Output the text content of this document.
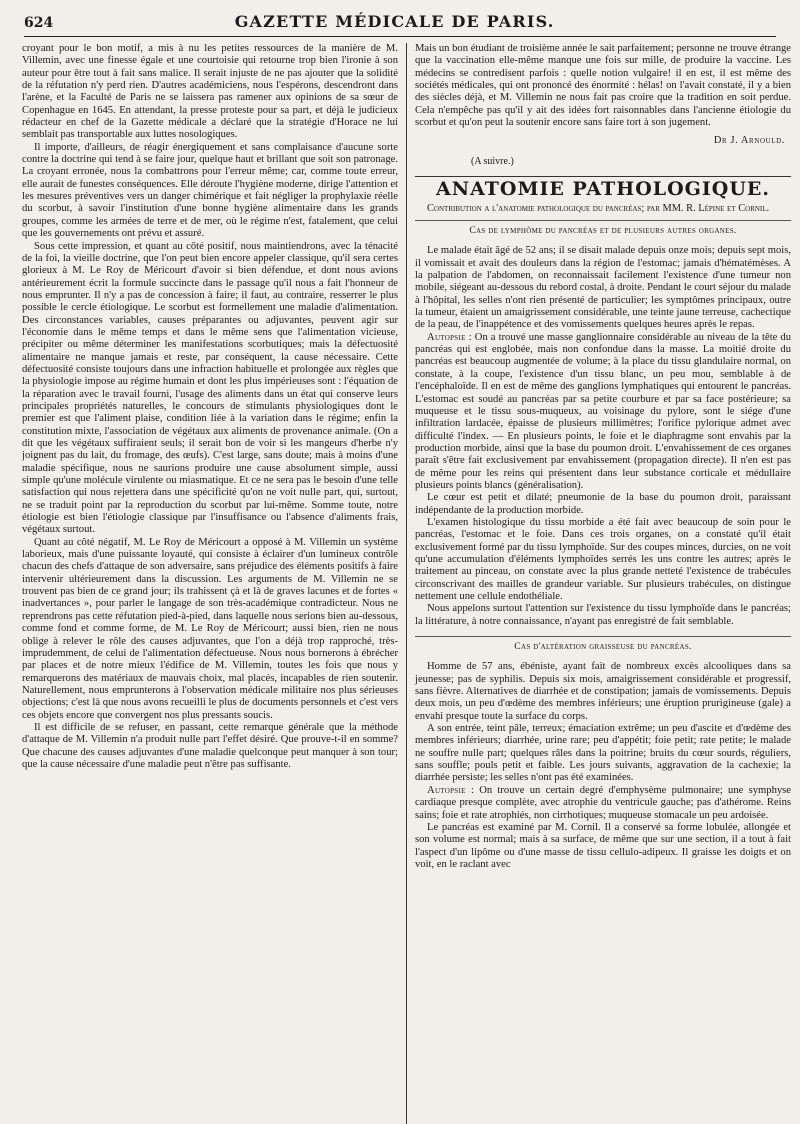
624	GAZETTE MÉDICALE DE PARIS.

croyant pour le bon motif, a mis à nu les petites ressources de la manière de M. Villemin, avec une finesse égale et une courtoisie qui retourne trop bien l'ironie à son auteur pour être tout à fait sans malice. Il serait injuste de ne pas ajouter que la solidité de la réfutation n'y perd rien. D'autres académiciens, nous l'espérons, descendront dans l'arène, et la Faculté de Paris ne se laissera pas ramener aux opinions de sa sœur de Copenhague en 1645. En attendant, la presse proteste pour sa part, et déjà le judicieux rédacteur en chef de la Gazette médicale a déclaré que la stratégie d'Horace ne lui semblait pas transportable aux luttes nosologiques.

Il importe, d'ailleurs, de réagir énergiquement et sans complaisance d'aucune sorte contre la doctrine qui tend à se faire jour, quelque haut et brillant que soit son patronage. La croyant erronée, nous la combattrons pour l'erreur même; car, comme toute erreur, elle aurait de funestes conséquences. Elle déroute l'hygiène moderne, dirige l'attention et les mesures préventives vers un danger chimérique et fait négliger la prophylaxie réelle du scorbut, à savoir l'institution d'une bonne hygiène alimentaire dans les grands groupes, comme les armées de terre et de mer, où le régime n'est, fatalement, que celui que les gouvernements ont prévu et assuré.

Sous cette impression, et quant au côté positif, nous maintiendrons, avec la ténacité de la foi, la vieille doctrine, que l'on peut bien encore appeler classique, qu'il sera certes glorieux à M. Le Roy de Méricourt d'avoir si bien défendue, et dont nous avions antérieurement écrit la formule succincte dans le passage qu'il nous a fait l'honneur de nous emprunter. Il n'y a pas de concession à faire; il faut, au contraire, resserrer le plus possible le cercle étiologique. Le scorbut est formellement une maladie d'alimentation. Des circonstances variables, causes préparantes ou adjuvantes, peuvent agir sur l'économie dans le même temps et dans le même sens que l'alimentation vicieuse, précipiter ou même déterminer les manifestations scorbutiques; mais la défectuosité alimentaire ne manque jamais et reste, par conséquent, la cause nécessaire. Cette défectuosité consiste toujours dans une infraction habituelle et prolongée aux règles que la physiologie impose au régime humain et dont les plus impérieuses sont : l'équation de la réparation avec le travail fourni, l'usage des aliments dans un état qui conserve leurs principales propriétés naturelles, le concours de stimulants physiologiques dont le premier est que l'aliment plaise, condition liée à la variation dans le régime; enfin la constitution mixte, l'association de végétaux aux aliments de provenance animale. (On a dit que les végétaux suffiraient seuls; il serait bon de voir si les mangeurs d'herbe n'y joignent pas du lait, du fromage, des œufs). C'est large, sans doute; mais à moins d'une maladie spécifique, nous ne saurions produire une cause absolument simple, aussi simple qu'une molécule virulente ou miasmatique. Et ce ne sera pas le besoin d'une telle satisfaction qui nous rejettera dans une spécificité qu'on ne voit nulle part, qui, surtout, ne se traduit point par la reproduction du scorbut par lui-même. Somme toute, notre étiologie est bien l'étiologie classique par l'insuffisance ou l'absence d'aliments frais, végétaux surtout.

Quant au côté négatif, M. Le Roy de Méricourt a opposé à M. Villemin un système laborieux, mais d'une puissante loyauté, qui consiste à éclairer d'un lumineux contrôle chacun des chefs d'attaque de son adversaire, sans préjudice des éléments positifs à faire intervenir ultérieurement dans la discussion. Les arguments de M. Villemin ne se trouvent pas bien de ce grand jour; ils trahissent çà et là de graves lacunes et de fortes « inadvertances », pour parler le langage de son très-académique contradicteur. Nous ne reprendrons pas cette réfutation pied-à-pied, dans laquelle nous serions bien au-dessous, comme fond et comme forme, de M. Le Roy de Méricourt; aussi bien, rien ne nous oblige à relever le rôle des causes adjuvantes, que l'on a déjà trop rapproché, très-imprudemment, de celui de l'alimentation défectueuse. Nous nous bornerons à ébrécher par places et de notre mieux l'édifice de M. Villemin, toutes les fois que nous y remarquerons des matériaux de mauvais choix, mal placés, incapables de rien soutenir. Naturellement, nous emprunterons à l'observation médicale militaire nos plus sérieuses objections; c'est là que nous avons recueilli le plus de documents personnels et c'est vers ces objets encore que convergent nos plus pressants soucis.

Il est difficile de se refuser, en passant, cette remarque générale que la méthode d'attaque de M. Villemin n'a produit nulle part l'effet désiré. Que prouve-t-il en somme? Que chacune des causes adjuvantes d'une maladie quelconque peut manquer à son tour; que la cause nécessaire d'une maladie peut n'être pas suffisante.

Mais un bon étudiant de troisième année le sait parfaitement; personne ne trouve étrange que la vaccination elle-même manque une fois sur mille, de produire la vaccine. Les médecins se contredisent parfois : quelle notion vulgaire! il en est, il est même des sociétés médicales, qui ont prononcé des énormité : hélas! on l'avait constaté, il y a bien des siècles déjà, et M. Villemin ne nous fait pas croire que la tradition en soit perdue. Cela n'empêche pas qu'il y ait des idées fort raisonnables dans l'ancienne étiologie du scorbut et qu'on peut la soutenir encore sans faire tort à son jugement.

Dr J. Arnould.
(A suivre.)
ANATOMIE PATHOLOGIQUE.
Contribution a l'anatomie pathologique du pancréas; par MM. R. Lépine et Cornil.
Cas de lymphôme du pancréas et de plusieurs autres organes.

Le malade était âgé de 52 ans; il se disait malade depuis onze mois; depuis sept mois, il vomissait et avait des douleurs dans la région de l'estomac; jamais d'hématémèses. A la palpation de l'abdomen, on reconnaissait facilement l'existence d'une tumeur non mobile, siégeant au-dessous du rebord costal, à droite. Pendant le court séjour du malade à l'hôpital, les selles n'ont rien présenté de particulier; les symptômes principaux, outre la tumeur, étaient un amaigrissement considérable, une teinte jaune terreuse, cachectique de la peau, de l'inappétence et des vomissements quelques heures après le repas.

Autopsie : On a trouvé une masse ganglionnaire considérable au niveau de la tête du pancréas qui est englobée, mais non confondue dans la masse. La moitié droite du pancréas est beaucoup augmentée de volume; à la place du tissu glandulaire normal, on constate, à la coupe, l'existence d'un tissu blanc, un peu mou, semblable à de l'encéphaloïde. Il en est de même des ganglions lymphatiques qui entourent le pancréas. L'estomac est soudé au pancréas par sa petite courbure et par sa face postérieure; sa muqueuse et le tissu sous-muqueux, au voisinage du pylore, sont le siége d'une infiltration lardacée, épaisse de plusieurs millimètres; l'orifice pylorique admet avec difficulté l'index. — En plusieurs points, le foie et le diaphragme sont envahis par la production morbide, ainsi que la base du poumon droit. L'envahissement de ces organes paraît s'être fait exclusivement par envahissement (propagation directe). Il n'en est pas de même pour les reins qui présentent dans leur substance corticale et médullaire plusieurs points blancs (généralisation).

Le cœur est petit et dilaté; pneumonie de la base du poumon droit, paraissant indépendante de la production morbide.

L'examen histologique du tissu morbide a été fait avec beaucoup de soin pour le pancréas, l'estomac et le foie. Dans ces trois organes, on a constaté qu'il était exclusivement formé par du tissu lymphoïde. Sur des coupes minces, durcies, on ne voit qu'une accumulation d'éléments lymphoïdes serrés les uns contre les autres; après le traitement au pinceau, on constate avec la plus grande netteté l'existence de trabécules circonscrivant des mailles de grandeur variable. Sur plusieurs trabécules, on distingue nettement une cellule endothéliale.

Nous appelons surtout l'attention sur l'existence du tissu lymphoïde dans le pancréas; la littérature, à notre connaissance, n'ayant pas enregistré de fait semblable.

Cas d'altération graisseuse du pancréas.

Homme de 57 ans, ébéniste, ayant fait de nombreux excès alcooliques dans sa jeunesse; pas de syphilis. Depuis six mois, amaigrissement considérable et progressif, sans fièvre. Alternatives de diarrhée et de constipation; jamais de vomissements. Depuis deux mois, un peu d'œdème des membres inférieurs; une éruption prurigineuse (gale) a envahi presque toute la surface du corps.

A son entrée, teint pâle, terreux; émaciation extrême; un peu d'ascite et d'œdème des membres inférieurs; diarrhée, urine rare; peu d'appétit; foie petit; rate petite; le malade ne souffre nulle part; quelques râles dans la poitrine; bruits du cœur sourds, réguliers, sans souffle; pouls petit et faible. Les jours suivants, aggravation de la cachexie; la diarrhée persiste; les selles n'ont pas été examinées.

Autopsie : On trouve un certain degré d'emphysème pulmonaire; une symphyse cardiaque presque complète, avec atrophie du ventricule gauche; pas d'athérome. Reins sains; foie et rate atrophiés, non cirrhotiques; muqueuse stomacale un peu ardoisée.

Le pancréas est examiné par M. Cornil. Il a conservé sa forme lobulée, allongée et son volume est normal; mais à sa surface, de même que sur une section, il a tout à fait l'aspect d'un lipôme ou d'une masse de tissu cellulo-adipeux. Il graisse les doigts et on voit, en le raclant avec
